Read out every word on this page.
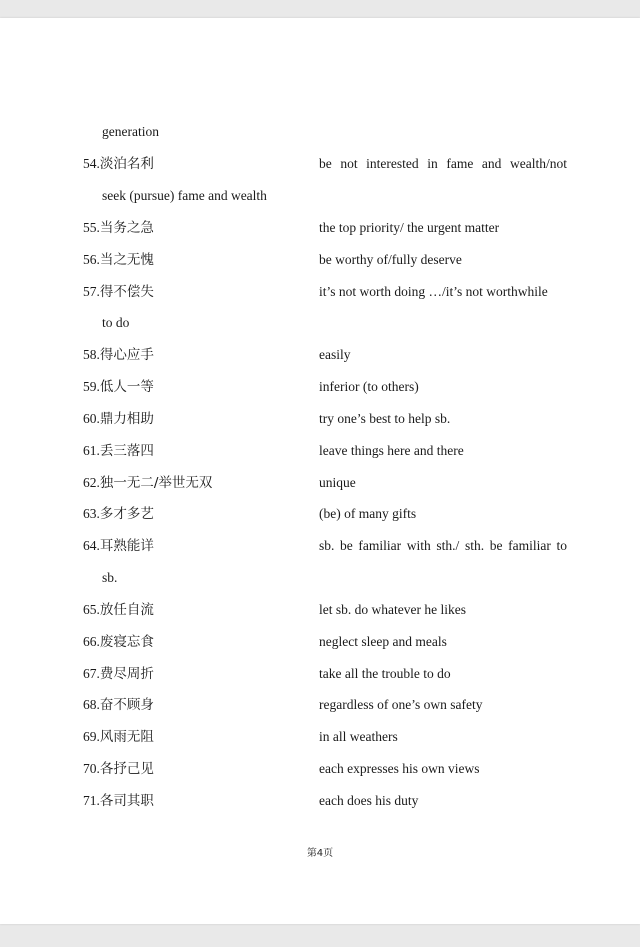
generation
54.淡泊名利	be not interested in fame and wealth/not
seek (pursue) fame and wealth
55.当务之急	the top priority/ the urgent matter
56.当之无愧	be worthy of/fully deserve
57.得不偿失	it’s not worth doing …/it’s not worthwhile
to do
58.得心应手	easily
59.低人一等	inferior (to others)
60.鼎力相助	try one’s best to help sb.
61.丢三落四	leave things here and there
62.独一无二/举世无双	unique
63.多才多艺	(be) of many gifts
64.耳熟能详	sb. be familiar with sth./ sth. be familiar to
sb.
65.放任自流	let sb. do whatever he likes
66.废寝忘食	neglect sleep and meals
67.费尽周折	take all the trouble to do
68.奋不顾身	regardless of one’s own safety
69.风雨无阻	in all weathers
70.各抒己见	each expresses his own views
71.各司其职	each does his duty
第4页
